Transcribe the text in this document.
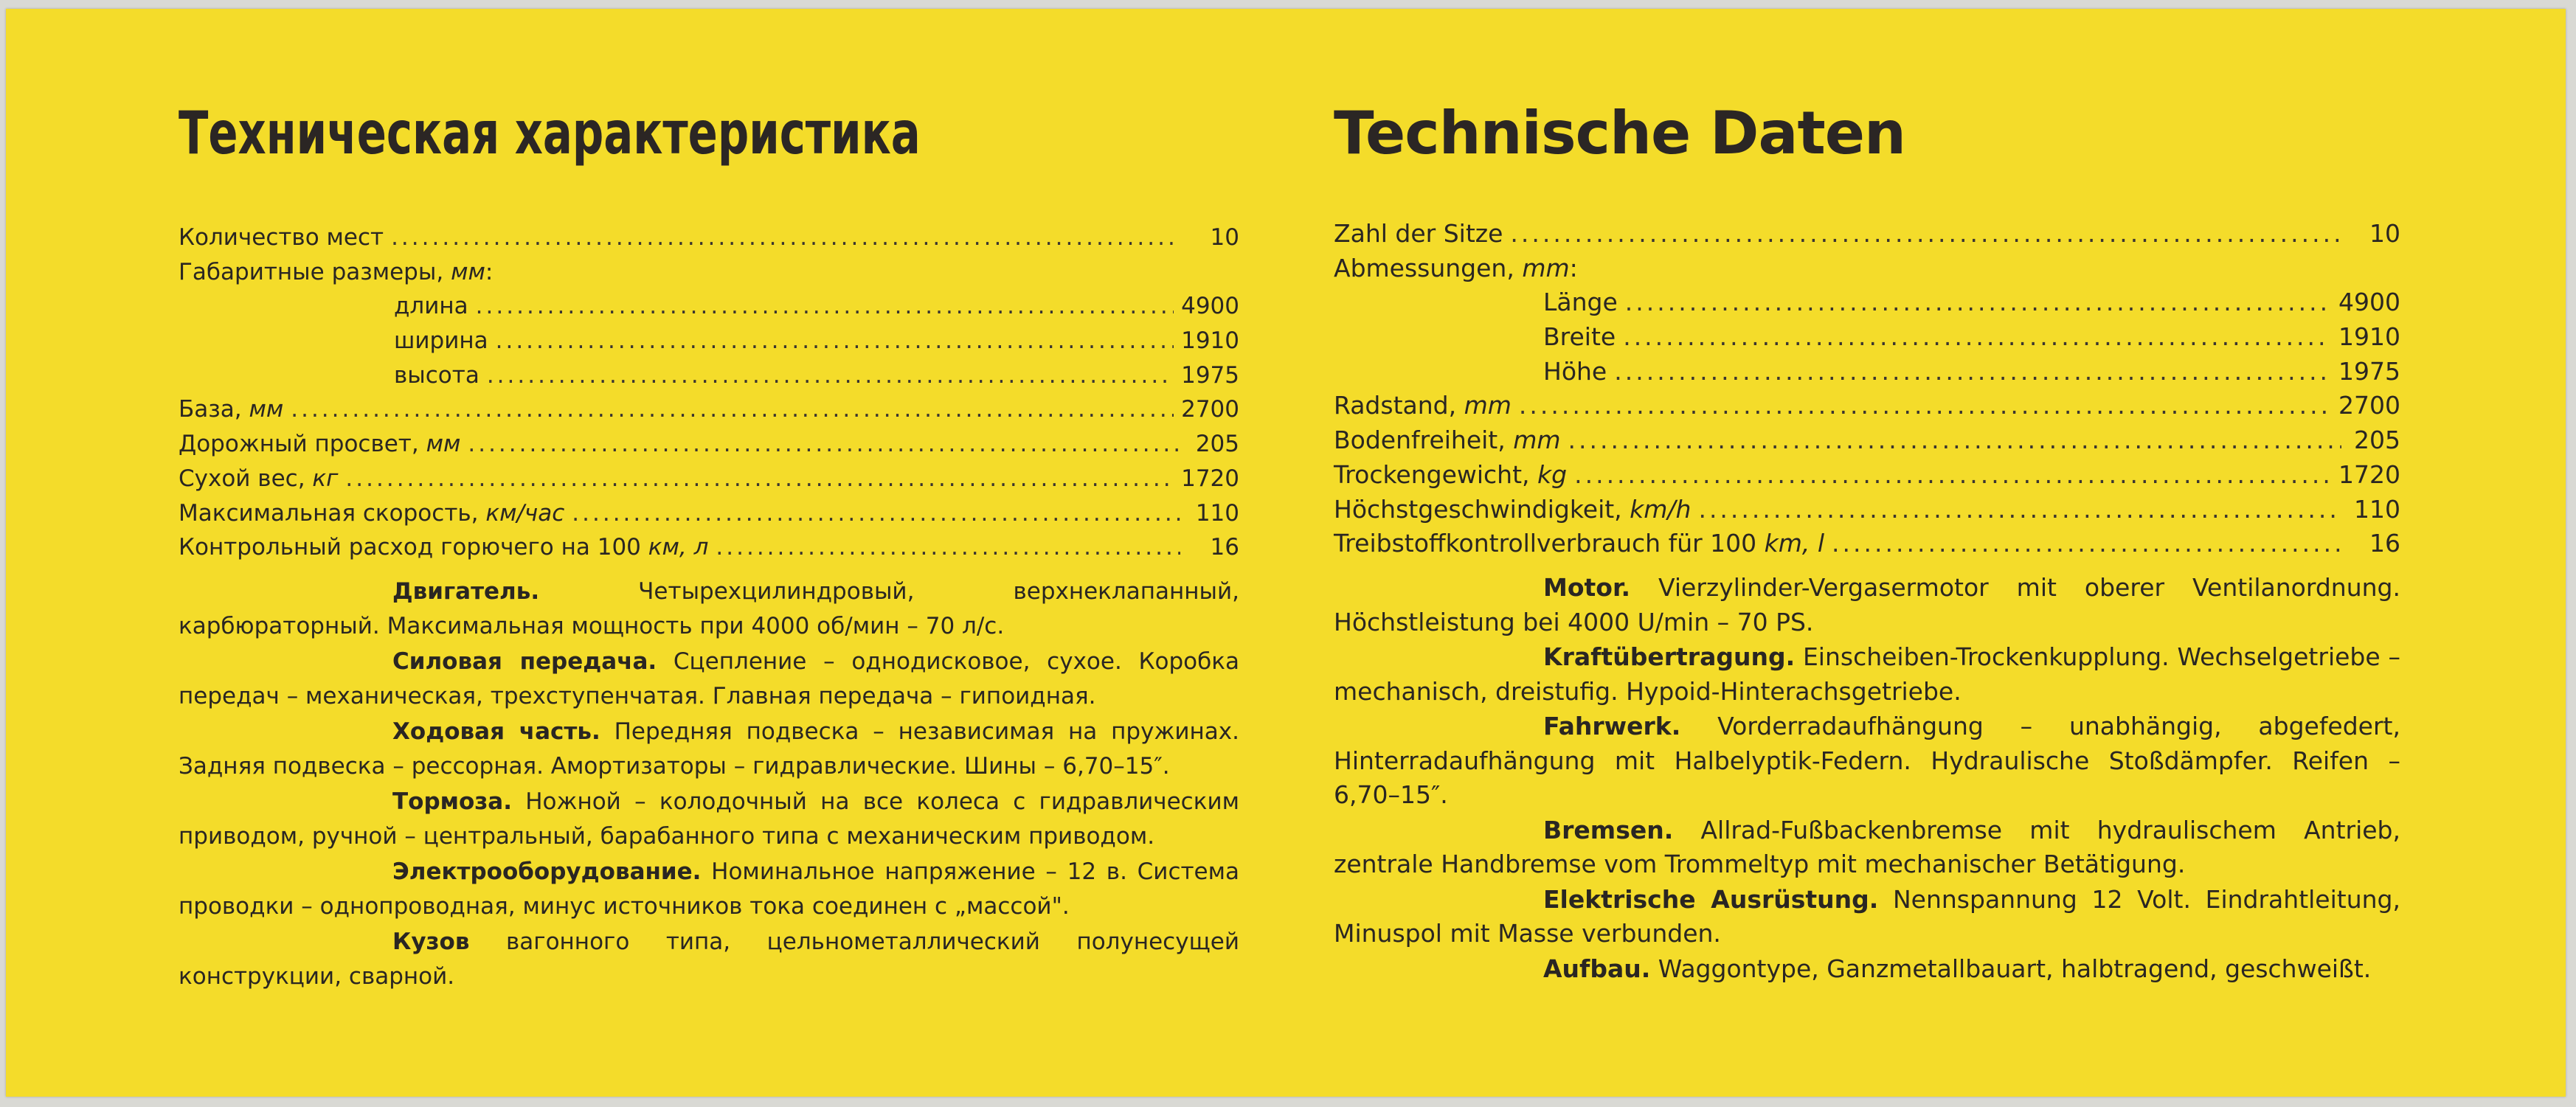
Техническая характеристика
Количество мест .....	10
Габаритные размеры, мм:
длина .....	4900
ширина .....	1910
высота .....	1975
База, мм .....	2700
Дорожный просвет, мм .....	205
Сухой вес, кг .....	1720
Максимальная скорость, км/час .....	110
Контрольный расход горючего на 100 км, л .....	16
Двигатель. Четырехцилиндровый, верхнеклапанный, карбюраторный. Максимальная мощность при 4000 об/мин – 70 л/с.
Силовая передача. Сцепление – однодисковое, сухое. Коробка передач – механическая, трехступенчатая. Главная передача – гипоидная.
Ходовая часть. Передняя подвеска – независимая на пружинах. Задняя подвеска – рессорная. Амортизаторы – гидравлические. Шины – 6,70–15″.
Тормоза. Ножной – колодочный на все колеса с гидравлическим приводом, ручной – центральный, барабанного типа с механическим приводом.
Электрооборудование. Номинальное напряжение – 12 в. Система проводки – однопроводная, минус источников тока соединен с „массой".
Кузов вагонного типа, цельнометаллический полунесущей конструкции, сварной.
Technische Daten
Zahl der Sitze .....	10
Abmessungen, mm:
Länge .....	4900
Breite .....	1910
Höhe .....	1975
Radstand, mm .....	2700
Bodenfreiheit, mm .....	205
Trockengewicht, kg .....	1720
Höchstgeschwindigkeit, km/h .....	110
Treibstoffkontrollverbrauch für 100 km, l .....	16
Motor. Vierzylinder-Vergasermotor mit oberer Ventilanordnung. Höchstleistung bei 4000 U/min – 70 PS.
Kraftübertragung. Einscheiben-Trockenkupplung. Wechselgetriebe – mechanisch, dreistufig. Hypoid-Hinterachsgetriebe.
Fahrwerk. Vorderradaufhängung – unabhängig, abgefedert, Hinterradaufhängung mit Halbelyptik-Federn. Hydraulische Stoßdämpfer. Reifen – 6,70–15″.
Bremsen. Allrad-Fußbackenbremse mit hydraulischem Antrieb, zentrale Handbremse vom Trommeltyp mit mechanischer Betätigung.
Elektrische Ausrüstung. Nennspannung 12 Volt. Eindrahtleitung, Minuspol mit Masse verbunden.
Aufbau. Waggontype, Ganzmetallbauart, halbtragend, geschweißt.
